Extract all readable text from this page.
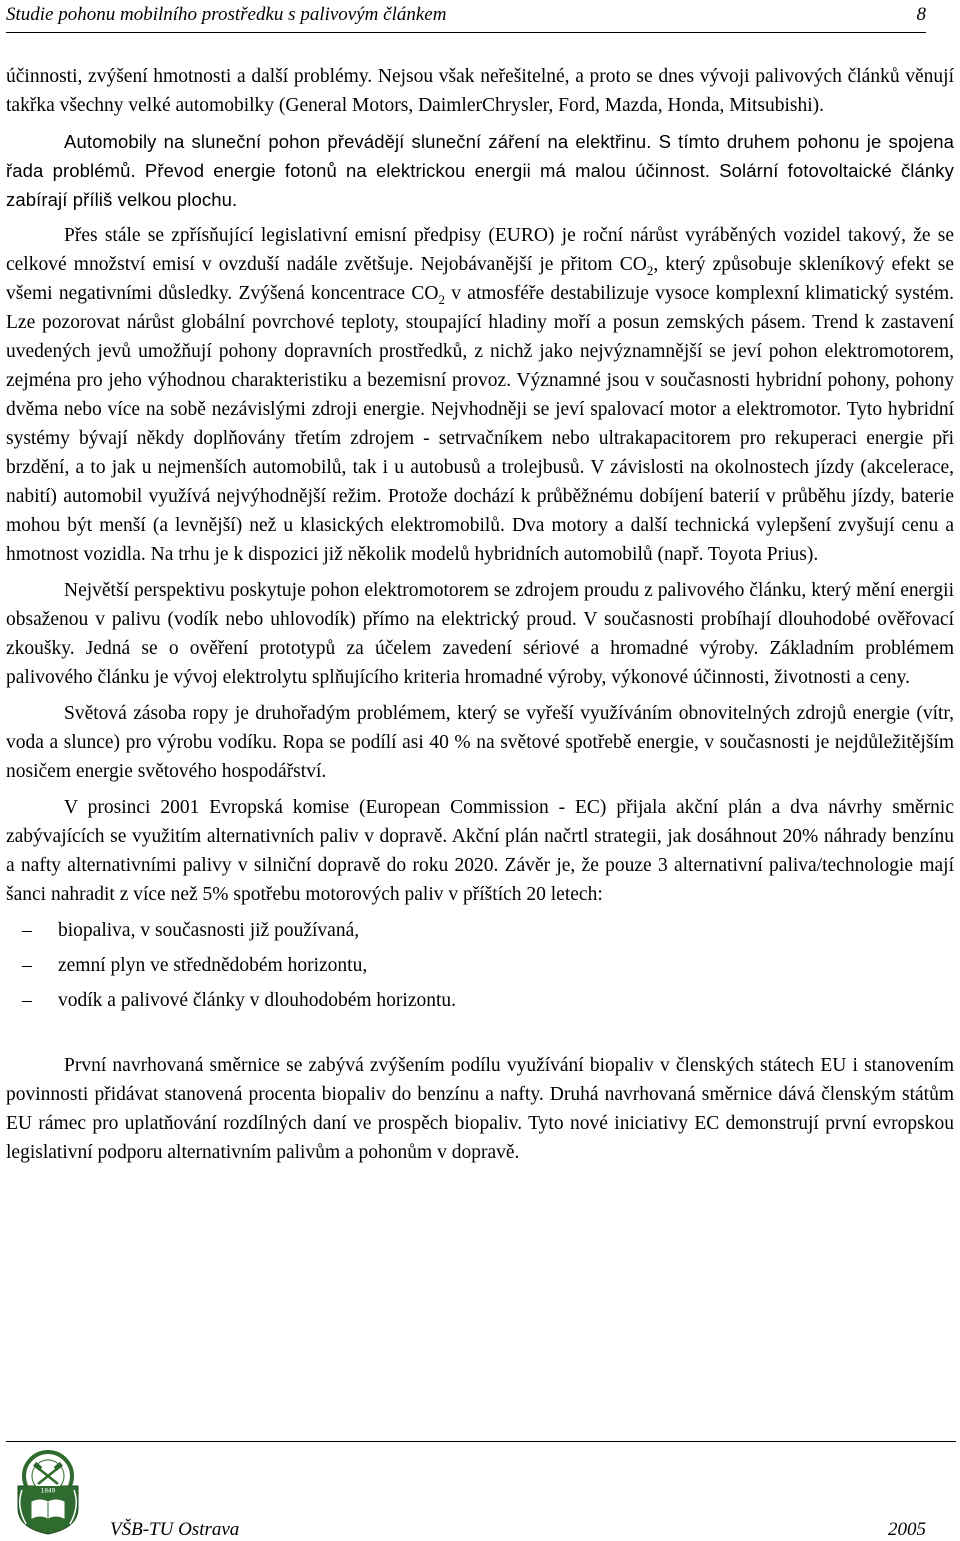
Studie pohonu mobilního prostředku s palivovým článkem	8

účinnosti, zvýšení hmotnosti a další problémy. Nejsou však neřešitelné, a proto se dnes vývoji palivových článků věnují takřka všechny velké automobilky (General Motors, DaimlerChrysler, Ford, Mazda, Honda, Mitsubishi).

Automobily na sluneční pohon převádějí sluneční záření na elektřinu. S tímto druhem pohonu je spojena řada problémů. Převod energie fotonů na elektrickou energii má malou účinnost. Solární fotovoltaické články zabírají příliš velkou plochu.

Přes stále se zpřísňující legislativní emisní předpisy (EURO) je roční nárůst vyráběných vozidel takový, že se celkové množství emisí v ovzduší nadále zvětšuje. Nejobávanější je přitom $CO_2$, který způsobuje skleníkový efekt se všemi negativními důsledky. Zvýšená koncentrace $CO_2$ v atmosféře destabilizuje vysoce komplexní klimatický systém. Lze pozorovat nárůst globální povrchové teploty, stoupající hladiny moří a posun zemských pásem. Trend k zastavení uvedených jevů umožňují pohony dopravních prostředků, z nichž jako nejvýznamnější se jeví pohon elektromotorem, zejména pro jeho výhodnou charakteristiku a bezemisní provoz. Významné jsou v současnosti hybridní pohony, pohony dvěma nebo více na sobě nezávislými zdroji energie. Nejvhodněji se jeví spalovací motor a elektromotor. Tyto hybridní systémy bývají někdy doplňovány třetím zdrojem - setrvačníkem nebo ultrakapacitorem pro rekuperaci energie při brzdění, a to jak u nejmenších automobilů, tak i u autobusů a trolejbusů. V závislosti na okolnostech jízdy (akcelerace, nabití) automobil využívá nejvýhodnější režim. Protože dochází k průběžnému dobíjení baterií v průběhu jízdy, baterie mohou být menší (a levnější) než u klasických elektromobilů. Dva motory a další technická vylepšení zvyšují cenu a hmotnost vozidla. Na trhu je k dispozici již několik modelů hybridních automobilů (např. Toyota Prius).

Největší perspektivu poskytuje pohon elektromotorem se zdrojem proudu z palivového článku, který mění energii obsaženou v palivu (vodík nebo uhlovodík) přímo na elektrický proud. V současnosti probíhají dlouhodobé ověřovací zkoušky. Jedná se o ověření prototypů za účelem zavedení sériové a hromadné výroby. Základním problémem palivového článku je vývoj elektrolytu splňujícího kriteria hromadné výroby, výkonové účinnosti, životnosti a ceny.

Světová zásoba ropy je druhořadým problémem, který se vyřeší využíváním obnovitelných zdrojů energie (vítr, voda a slunce) pro výrobu vodíku. Ropa se podílí asi 40 % na světové spotřebě energie, v současnosti je nejdůležitějším nosičem energie světového hospodářství.

V prosinci 2001 Evropská komise (European Commission - EC) přijala akční plán a dva návrhy směrnic zabývajících se využitím alternativních paliv v dopravě. Akční plán načrtl strategii, jak dosáhnout 20% náhrady benzínu a nafty alternativními palivy v silniční dopravě do roku 2020. Závěr je, že pouze 3 alternativní paliva/technologie mají šanci nahradit z více než 5% spotřebu motorových paliv v příštích 20 letech:

– biopaliva, v současnosti již používaná,
– zemní plyn ve střednědobém horizontu,
– vodík a palivové články v dlouhodobém horizontu.

První navrhovaná směrnice se zabývá zvýšením podílu využívání biopaliv v členských státech EU i stanovením povinnosti přidávat stanovená procenta biopaliv do benzínu a nafty. Druhá navrhovaná směrnice dává členským státům EU rámec pro uplatňování rozdílných daní ve prospěch biopaliv. Tyto nové iniciativy EC demonstrují první evropskou legislativní podporu alternativním palivům a pohonům v dopravě.

1849
VŠB-TU Ostrava	2005
